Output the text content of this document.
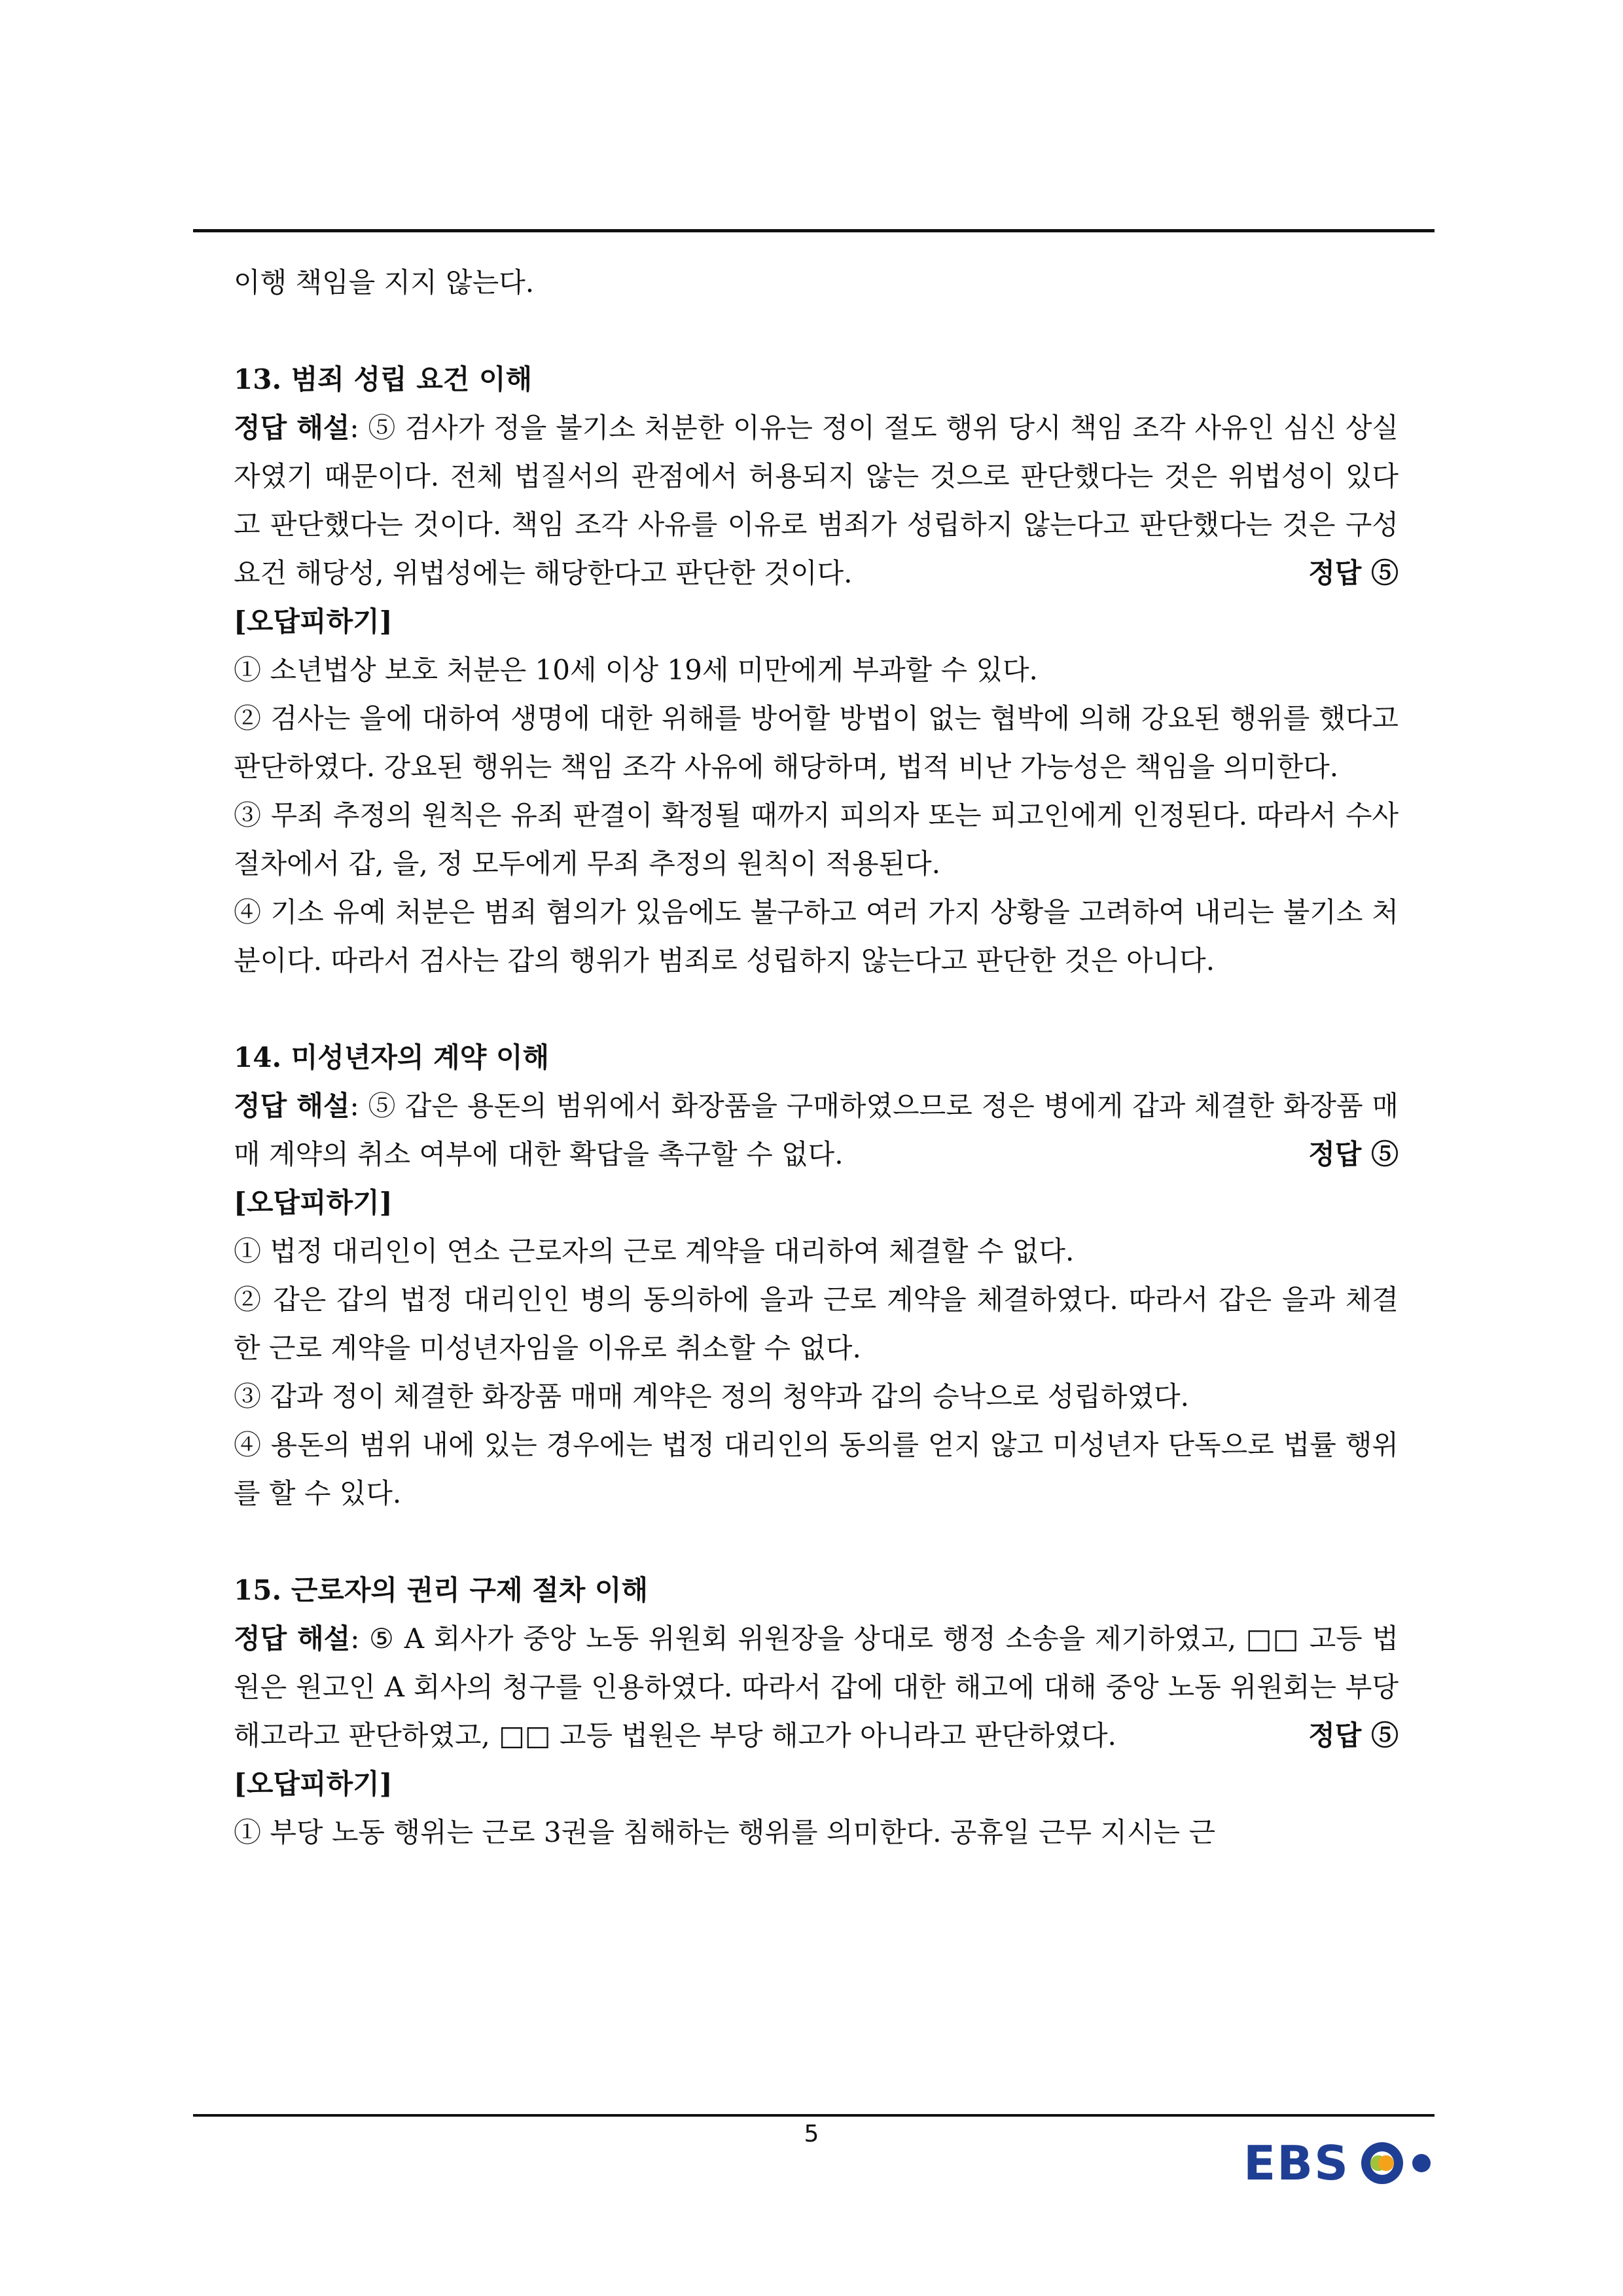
이행 책임을 지지 않는다.

13. 범죄 성립 요건 이해

정답 해설: ⑤ 검사가 정을 불기소 처분한 이유는 정이 절도 행위 당시 책임 조각 사유인 심신 상실자였기 때문이다. 전체 법질서의 관점에서 허용되지 않는 것으로 판단했다는 것은 위법성이 있다고 판단했다는 것이다. 책임 조각 사유를 이유로 범죄가 성립하지 않는다고 판단했다는 것은 구성 요건 해당성, 위법성에는 해당한다고 판단한 것이다.	정답 ⑤

[오답피하기]

① 소년법상 보호 처분은 10세 이상 19세 미만에게 부과할 수 있다.

② 검사는 을에 대하여 생명에 대한 위해를 방어할 방법이 없는 협박에 의해 강요된 행위를 했다고 판단하였다. 강요된 행위는 책임 조각 사유에 해당하며, 법적 비난 가능성은 책임을 의미한다.

③ 무죄 추정의 원칙은 유죄 판결이 확정될 때까지 피의자 또는 피고인에게 인정된다. 따라서 수사 절차에서 갑, 을, 정 모두에게 무죄 추정의 원칙이 적용된다.

④ 기소 유예 처분은 범죄 혐의가 있음에도 불구하고 여러 가지 상황을 고려하여 내리는 불기소 처분이다. 따라서 검사는 갑의 행위가 범죄로 성립하지 않는다고 판단한 것은 아니다.

14. 미성년자의 계약 이해

정답 해설: ⑤ 갑은 용돈의 범위에서 화장품을 구매하였으므로 정은 병에게 갑과 체결한 화장품 매매 계약의 취소 여부에 대한 확답을 촉구할 수 없다.	정답 ⑤

[오답피하기]

① 법정 대리인이 연소 근로자의 근로 계약을 대리하여 체결할 수 없다.

② 갑은 갑의 법정 대리인인 병의 동의하에 을과 근로 계약을 체결하였다. 따라서 갑은 을과 체결한 근로 계약을 미성년자임을 이유로 취소할 수 없다.

③ 갑과 정이 체결한 화장품 매매 계약은 정의 청약과 갑의 승낙으로 성립하였다.

④ 용돈의 범위 내에 있는 경우에는 법정 대리인의 동의를 얻지 않고 미성년자 단독으로 법률 행위를 할 수 있다.

15. 근로자의 권리 구제 절차 이해

정답 해설: ⑤ A 회사가 중앙 노동 위원회 위원장을 상대로 행정 소송을 제기하였고, □□ 고등 법원은 원고인 A 회사의 청구를 인용하였다. 따라서 갑에 대한 해고에 대해 중앙 노동 위원회는 부당 해고라고 판단하였고, □□ 고등 법원은 부당 해고가 아니라고 판단하였다.	정답 ⑤

[오답피하기]

① 부당 노동 행위는 근로 3권을 침해하는 행위를 의미한다. 공휴일 근무 지시는 근

5
EBS
